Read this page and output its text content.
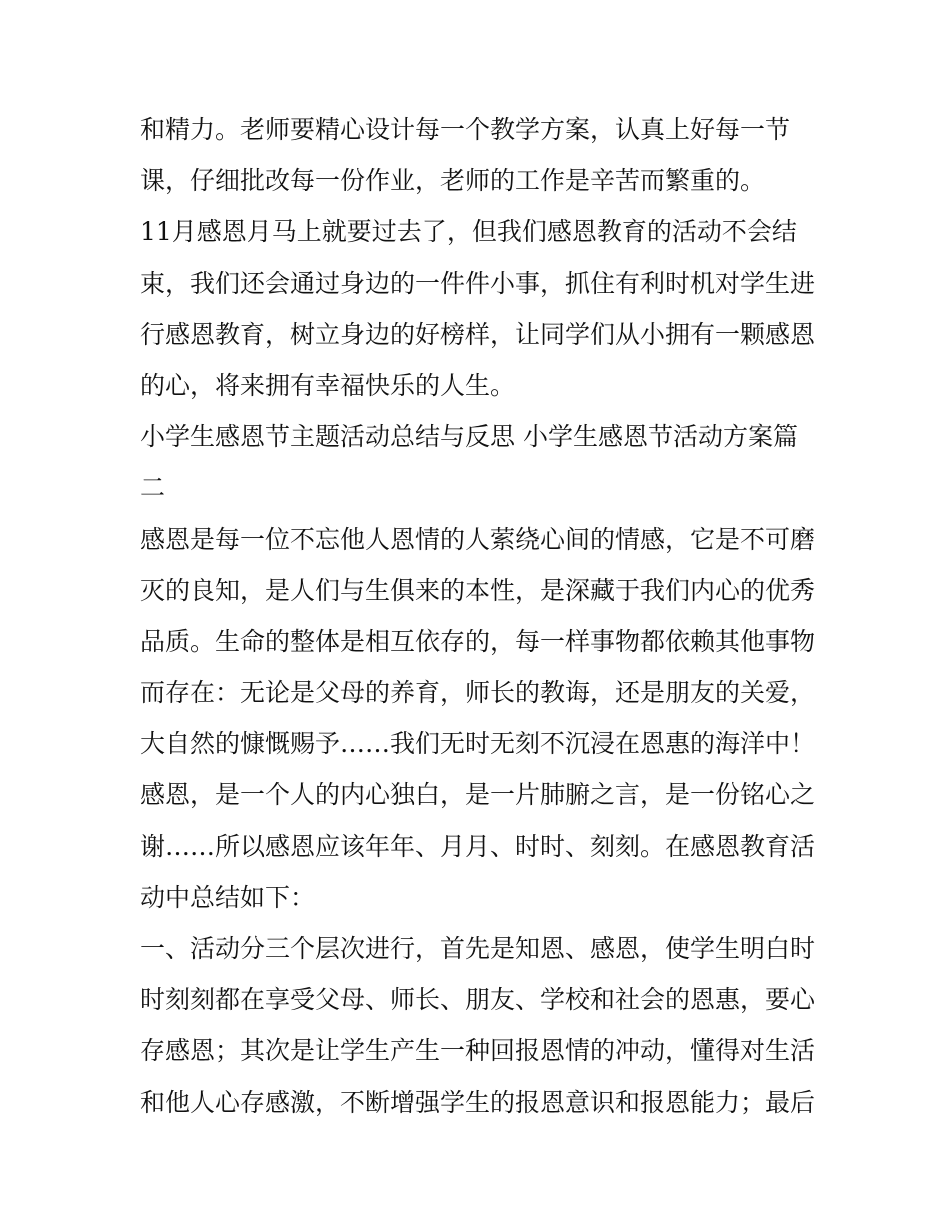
和精力。老师要精心设计每一个教学方案，认真上好每一节
课，仔细批改每一份作业，老师的工作是辛苦而繁重的。
11月感恩月马上就要过去了，但我们感恩教育的活动不会结
束，我们还会通过身边的一件件小事，抓住有利时机对学生进
行感恩教育，树立身边的好榜样，让同学们从小拥有一颗感恩
的心，将来拥有幸福快乐的人生。
小学生感恩节主题活动总结与反思 小学生感恩节活动方案篇
二
感恩是每一位不忘他人恩情的人萦绕心间的情感，它是不可磨
灭的良知，是人们与生俱来的本性，是深藏于我们内心的优秀
品质。生命的整体是相互依存的，每一样事物都依赖其他事物
而存在：无论是父母的养育，师长的教诲，还是朋友的关爱，
大自然的慷慨赐予……我们无时无刻不沉浸在恩惠的海洋中！
感恩，是一个人的内心独白，是一片肺腑之言，是一份铭心之
谢……所以感恩应该年年、月月、时时、刻刻。在感恩教育活
动中总结如下：
一、活动分三个层次进行，首先是知恩、感恩，使学生明白时
时刻刻都在享受父母、师长、朋友、学校和社会的恩惠，要心
存感恩；其次是让学生产生一种回报恩情的冲动，懂得对生活
和他人心存感激，不断增强学生的报恩意识和报恩能力；最后
